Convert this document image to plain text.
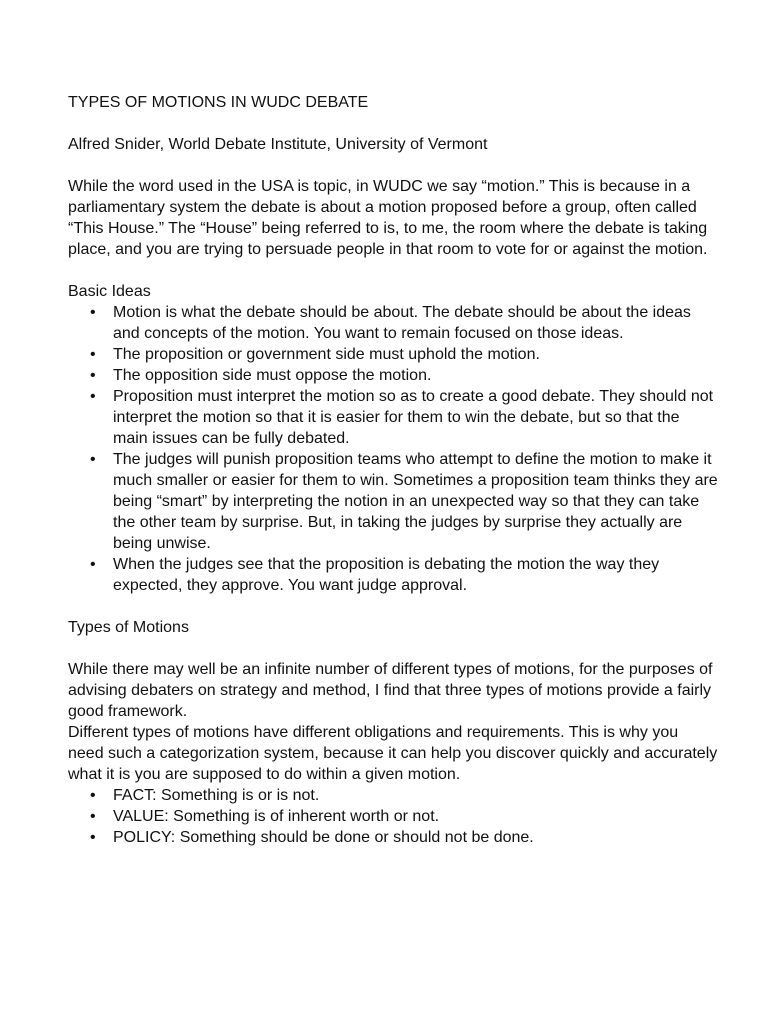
TYPES OF MOTIONS IN WUDC DEBATE

Alfred Snider, World Debate Institute, University of Vermont

While the word used in the USA is topic, in WUDC we say “motion.” This is because in a parliamentary system the debate is about a motion proposed before a group, often called “This House.” The “House” being referred to is, to me, the room where the debate is taking place, and you are trying to persuade people in that room to vote for or against the motion.

Basic Ideas

• Motion is what the debate should be about. The debate should be about the ideas and concepts of the motion. You want to remain focused on those ideas.
• The proposition or government side must uphold the motion.
• The opposition side must oppose the motion.
• Proposition must interpret the motion so as to create a good debate. They should not interpret the motion so that it is easier for them to win the debate, but so that the main issues can be fully debated.
• The judges will punish proposition teams who attempt to define the motion to make it much smaller or easier for them to win. Sometimes a proposition team thinks they are being “smart” by interpreting the notion in an unexpected way so that they can take the other team by surprise. But, in taking the judges by surprise they actually are being unwise.
• When the judges see that the proposition is debating the motion the way they expected, they approve. You want judge approval.

Types of Motions

While there may well be an infinite number of different types of motions, for the purposes of advising debaters on strategy and method, I find that three types of motions provide a fairly good framework.

Different types of motions have different obligations and requirements. This is why you need such a categorization system, because it can help you discover quickly and accurately what it is you are supposed to do within a given motion.

• FACT: Something is or is not.
• VALUE: Something is of inherent worth or not.
• POLICY: Something should be done or should not be done.
